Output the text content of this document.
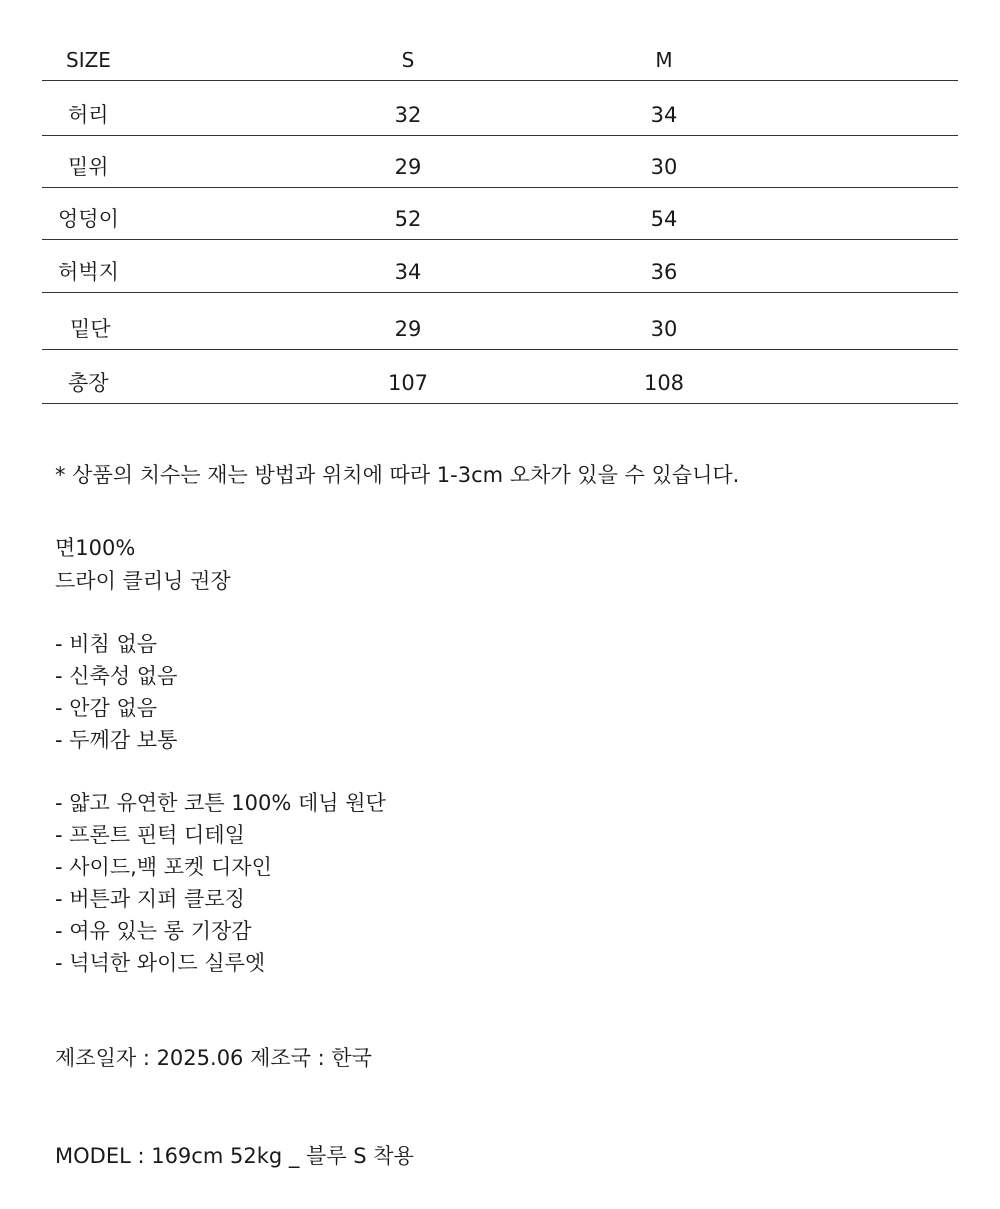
SIZE	S	M
허리	32	34
밑위	29	30
엉덩이	52	54
허벅지	34	36
밑단	29	30
총장	107	108
* 상품의 치수는 재는 방법과 위치에 따라 1-3cm 오차가 있을 수 있습니다.
면100%
드라이 클리닝 권장
- 비침 없음
- 신축성 없음
- 안감 없음
- 두께감 보통
- 얇고 유연한 코튼 100% 데님 원단
- 프론트 핀턱 디테일
- 사이드,백 포켓 디자인
- 버튼과 지퍼 클로징
- 여유 있는 롱 기장감
- 넉넉한 와이드 실루엣
제조일자 : 2025.06 제조국 : 한국
MODEL : 169cm 52kg _ 블루 S 착용
